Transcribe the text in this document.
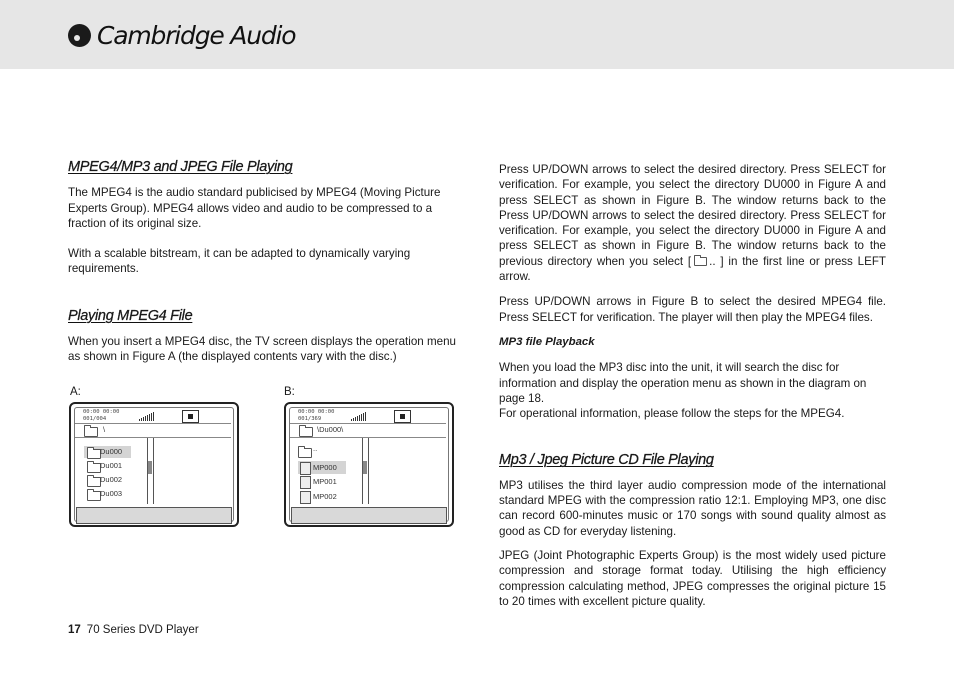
Cambridge Audio
MPEG4/MP3 and JPEG File Playing

The MPEG4 is the audio standard publicised by MPEG4 (Moving Picture Experts Group). MPEG4 allows video and audio to be compressed to a fraction of its original size.

With a scalable bitstream, it can be adapted to dynamically varying requirements.

Playing MPEG4 File

When you insert a MPEG4 disc, the TV screen displays the operation menu as shown in Figure A (the displayed contents vary with the disc.)

A:
00:00 00:00
001/004
\
Du000
Du001
Du002
Du003
B:
00:00 00:00
001/369
\Du000\
..
MP000
MP001
MP002

Press UP/DOWN arrows to select the desired directory. Press SELECT for verification. For example, you select the directory DU000 in Figure A and press SELECT as shown in Figure B. The window returns back to the Press UP/DOWN arrows to select the desired directory. Press SELECT for verification. For example, you select the directory DU000 in Figure A and press SELECT as shown in Figure B. The window returns back to the previous directory when you select [ .. ] in the first line or press LEFT arrow.

Press UP/DOWN arrows in Figure B to select the desired MPEG4 file. Press SELECT for verification. The player will then play the MPEG4 files.

MP3 file Playback

When you load the MP3 disc into the unit, it will search the disc for information and display the operation menu as shown in the diagram on page 18.

For operational information, please follow the steps for the MPEG4.

Mp3 / Jpeg Picture CD File Playing

MP3 utilises the third layer audio compression mode of the international standard MPEG with the compression ratio 12:1. Employing MP3, one disc can record 600-minutes music or 170 songs with sound quality almost as good as CD for everyday listening.

JPEG (Joint Photographic Experts Group) is the most widely used picture compression and storage format today. Utilising the high efficiency compression calculating method, JPEG compresses the original picture 15 to 20 times with excellent picture quality.

17 70 Series DVD Player
